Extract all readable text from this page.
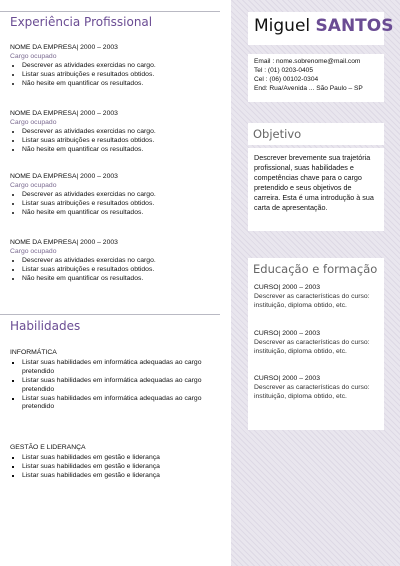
Experiência Profissional
NOME DA EMPRESA| 2000 – 2003
Cargo ocupado
• Descrever as atividades exercidas no cargo.
• Listar suas atribuições e resultados obtidos.
• Não hesite em quantificar os resultados.
NOME DA EMPRESA| 2000 – 2003
Cargo ocupado
• Descrever as atividades exercidas no cargo.
• Listar suas atribuições e resultados obtidos.
• Não hesite em quantificar os resultados.
NOME DA EMPRESA| 2000 – 2003
Cargo ocupado
• Descrever as atividades exercidas no cargo.
• Listar suas atribuições e resultados obtidos.
• Não hesite em quantificar os resultados.
NOME DA EMPRESA| 2000 – 2003
Cargo ocupado
• Descrever as atividades exercidas no cargo.
• Listar suas atribuições e resultados obtidos.
• Não hesite em quantificar os resultados.
Habilidades
INFORMÁTICA
▪ Listar suas habilidades em informática adequadas ao cargo pretendido
▪ Listar suas habilidades em informática adequadas ao cargo pretendido
▪ Listar suas habilidades em informática adequadas ao cargo pretendido
GESTÃO E LIDERANÇA
▪ Listar suas habilidades em gestão e liderança
▪ Listar suas habilidades em gestão e liderança
▪ Listar suas habilidades em gestão e liderança
Miguel SANTOS
Email : nome.sobrenome@mail.com
Tel : (01) 0203-0405
Cel : (06) 00102-0304
End: Rua/Avenida ... São Paulo – SP
Objetivo
Descrever brevemente sua trajetória profissional, suas habilidades e competências chave para o cargo pretendido e seus objetivos de carreira. Esta é uma introdução à sua carta de apresentação.
Educação e formação
CURSO| 2000 – 2003
Descrever as características do curso: instituição, diploma obtido, etc.
CURSO| 2000 – 2003
Descrever as características do curso: instituição, diploma obtido, etc.
CURSO| 2000 – 2003
Descrever as características do curso: instituição, diploma obtido, etc.
